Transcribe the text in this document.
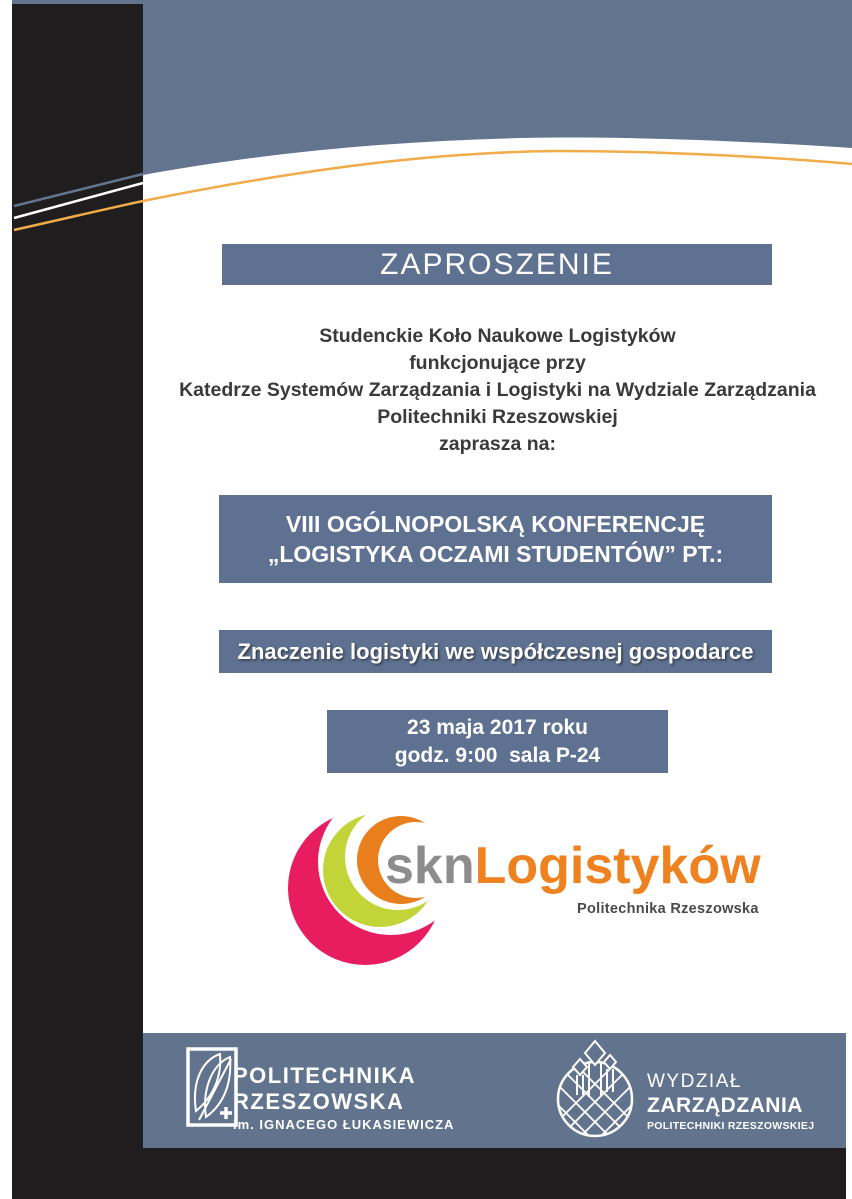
ZAPROSZENIE
Studenckie Koło Naukowe Logistyków
funkcjonujące przy
Katedrze Systemów Zarządzania i Logistyki na Wydziale Zarządzania
Politechniki Rzeszowskiej
zaprasza na:
VIII OGÓLNOPOLSKĄ KONFERENCJĘ
„LOGISTYKA OCZAMI STUDENTÓW” PT.:
Znaczenie logistyki we współczesnej gospodarce
23 maja 2017 roku
godz. 9:00  sala P-24
sknLogistyków
Politechnika Rzeszowska
POLITECHNIKA
RZESZOWSKA
im. IGNACEGO ŁUKASIEWICZA
WYDZIAŁ
ZARZĄDZANIA
POLITECHNIKI RZESZOWSKIEJ
